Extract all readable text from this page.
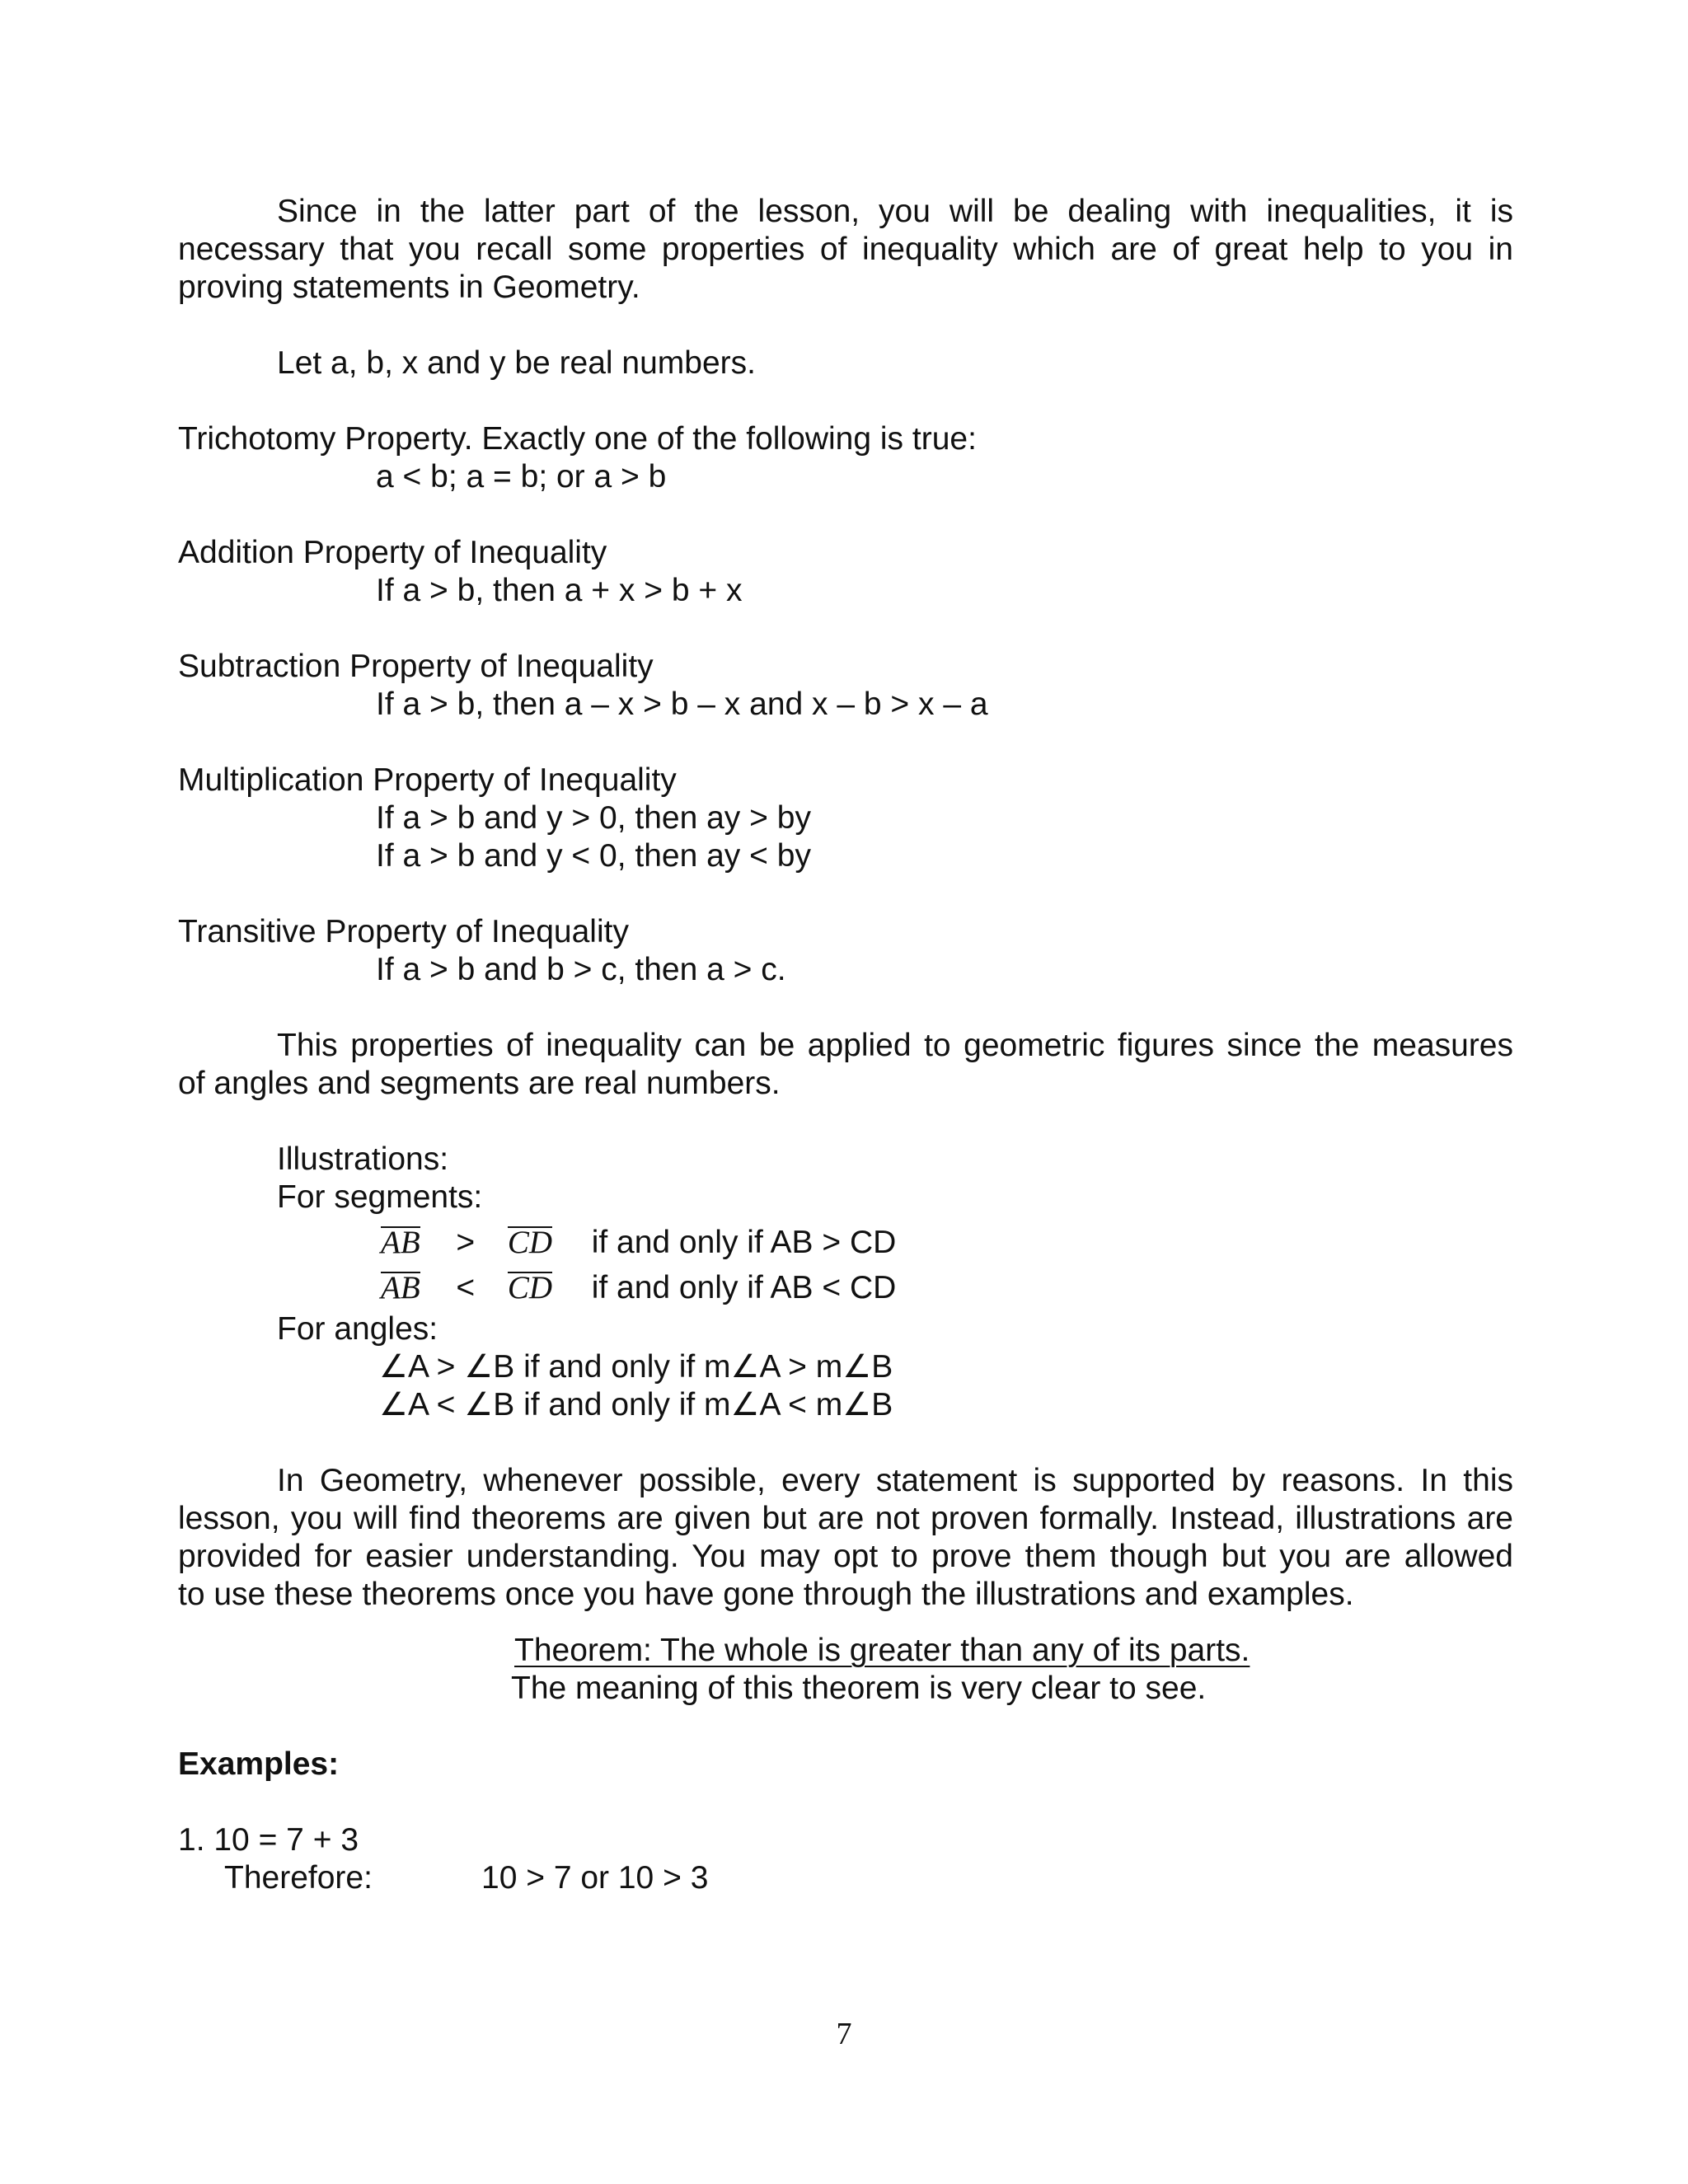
Since in the latter part of the lesson, you will be dealing with inequalities, it is
necessary that you recall some properties of inequality which are of great help to you in
proving statements in Geometry.
Let a, b, x and y be real numbers.
Trichotomy Property. Exactly one of the following is true:
a < b; a = b; or a > b
Addition Property of Inequality
If a > b, then a + x > b + x
Subtraction Property of Inequality
If a > b, then a – x > b – x and x – b > x – a
Multiplication Property of Inequality
If a > b and y > 0, then ay > by
If a > b and y < 0, then ay < by
Transitive Property of Inequality
If a > b and b > c, then a > c.
This properties of inequality can be applied to geometric figures since the measures
of angles and segments are real numbers.
Illustrations:
For segments:
AB > CD if and only if AB > CD
AB < CD if and only if AB < CD
For angles:
∠A > ∠B if and only if m∠A > m∠B
∠A < ∠B if and only if m∠A < m∠B
In Geometry, whenever possible, every statement is supported by reasons. In this
lesson, you will find theorems are given but are not proven formally. Instead, illustrations are
provided for easier understanding. You may opt to prove them though but you are allowed
to use these theorems once you have gone through the illustrations and examples.
Theorem: The whole is greater than any of its parts.
The meaning of this theorem is very clear to see.
Examples:
1. 10 = 7 + 3
Therefore:	10 > 7 or 10 > 3
7
